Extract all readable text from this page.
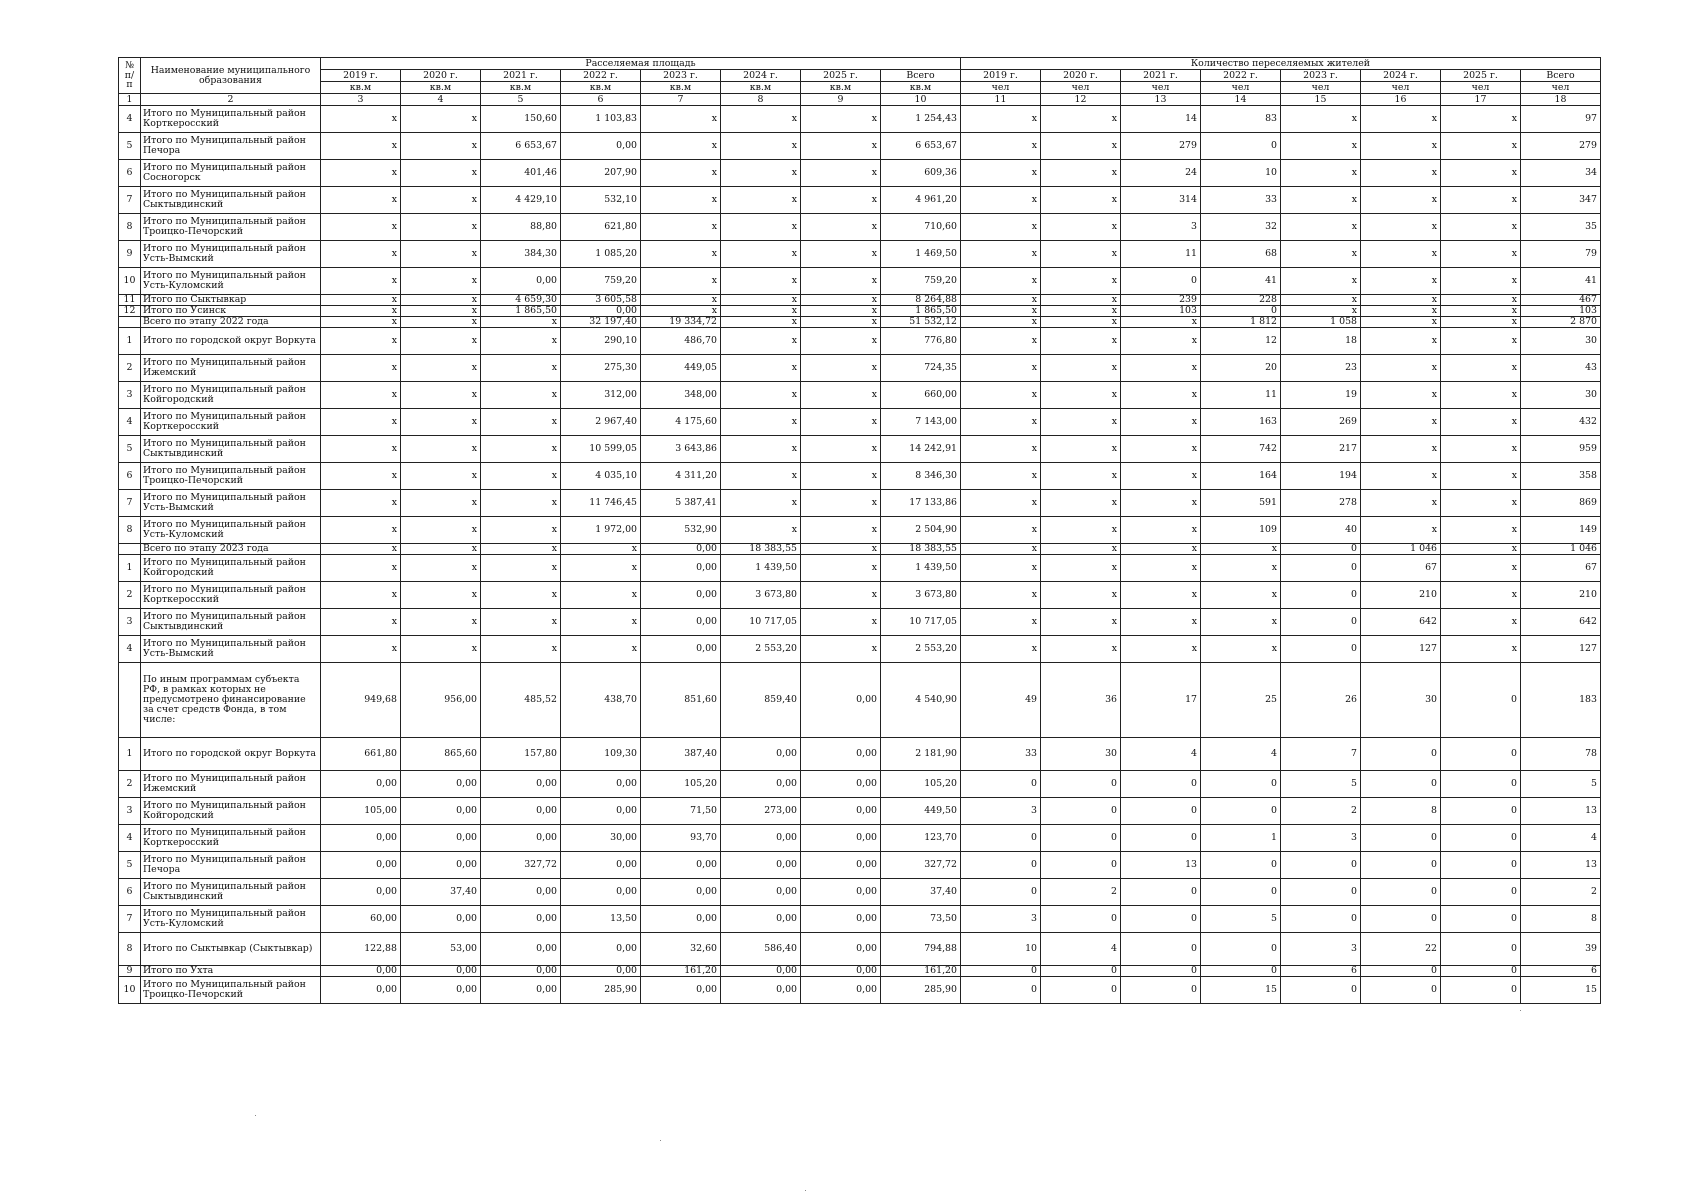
№ п/п	Наименование муниципального образования	Расселяемая площадь								Количество переселяемых жителей							
		2019 г.	2020 г.	2021 г.	2022 г.	2023 г.	2024 г.	2025 г.	Всего	2019 г.	2020 г.	2021 г.	2022 г.	2023 г.	2024 г.	2025 г.	Всего
		кв.м	кв.м	кв.м	кв.м	кв.м	кв.м	кв.м	кв.м	чел	чел	чел	чел	чел	чел	чел	чел
1	2	3	4	5	6	7	8	9	10	11	12	13	14	15	16	17	18
4	Итого по Муниципальный район Корткеросский	x	x	150,60	1 103,83	x	x	x	1 254,43	x	x	14	83	x	x	x	97
5	Итого по Муниципальный район Печора	x	x	6 653,67	0,00	x	x	x	6 653,67	x	x	279	0	x	x	x	279
6	Итого по Муниципальный район Сосногорск	x	x	401,46	207,90	x	x	x	609,36	x	x	24	10	x	x	x	34
7	Итого по Муниципальный район Сыктывдинский	x	x	4 429,10	532,10	x	x	x	4 961,20	x	x	314	33	x	x	x	347
8	Итого по Муниципальный район Троицко-Печорский	x	x	88,80	621,80	x	x	x	710,60	x	x	3	32	x	x	x	35
9	Итого по Муниципальный район Усть-Вымский	x	x	384,30	1 085,20	x	x	x	1 469,50	x	x	11	68	x	x	x	79
10	Итого по Муниципальный район Усть-Куломский	x	x	0,00	759,20	x	x	x	759,20	x	x	0	41	x	x	x	41
11	Итого по Сыктывкар	x	x	4 659,30	3 605,58	x	x	x	8 264,88	x	x	239	228	x	x	x	467
12	Итого по Усинск	x	x	1 865,50	0,00	x	x	x	1 865,50	x	x	103	0	x	x	x	103
	Всего по этапу 2022 года	x	x	x	32 197,40	19 334,72	x	x	51 532,12	x	x	x	1 812	1 058	x	x	2 870
1	Итого по городской округ Воркута	x	x	x	290,10	486,70	x	x	776,80	x	x	x	12	18	x	x	30
2	Итого по Муниципальный район Ижемский	x	x	x	275,30	449,05	x	x	724,35	x	x	x	20	23	x	x	43
3	Итого по Муниципальный район Койгородский	x	x	x	312,00	348,00	x	x	660,00	x	x	x	11	19	x	x	30
4	Итого по Муниципальный район Корткеросский	x	x	x	2 967,40	4 175,60	x	x	7 143,00	x	x	x	163	269	x	x	432
5	Итого по Муниципальный район Сыктывдинский	x	x	x	10 599,05	3 643,86	x	x	14 242,91	x	x	x	742	217	x	x	959
6	Итого по Муниципальный район Троицко-Печорский	x	x	x	4 035,10	4 311,20	x	x	8 346,30	x	x	x	164	194	x	x	358
7	Итого по Муниципальный район Усть-Вымский	x	x	x	11 746,45	5 387,41	x	x	17 133,86	x	x	x	591	278	x	x	869
8	Итого по Муниципальный район Усть-Куломский	x	x	x	1 972,00	532,90	x	x	2 504,90	x	x	x	109	40	x	x	149
	Всего по этапу 2023 года	x	x	x	x	0,00	18 383,55	x	18 383,55	x	x	x	x	0	1 046	x	1 046
1	Итого по Муниципальный район Койгородский	x	x	x	x	0,00	1 439,50	x	1 439,50	x	x	x	x	0	67	x	67
2	Итого по Муниципальный район Корткеросский	x	x	x	x	0,00	3 673,80	x	3 673,80	x	x	x	x	0	210	x	210
3	Итого по Муниципальный район Сыктывдинский	x	x	x	x	0,00	10 717,05	x	10 717,05	x	x	x	x	0	642	x	642
4	Итого по Муниципальный район Усть-Вымский	x	x	x	x	0,00	2 553,20	x	2 553,20	x	x	x	x	0	127	x	127
	По иным программам субъекта РФ, в рамках которых не предусмотрено финансирование за счет средств Фонда, в том числе:	949,68	956,00	485,52	438,70	851,60	859,40	0,00	4 540,90	49	36	17	25	26	30	0	183
1	Итого по городской округ Воркута	661,80	865,60	157,80	109,30	387,40	0,00	0,00	2 181,90	33	30	4	4	7	0	0	78
2	Итого по Муниципальный район Ижемский	0,00	0,00	0,00	0,00	105,20	0,00	0,00	105,20	0	0	0	0	5	0	0	5
3	Итого по Муниципальный район Койгородский	105,00	0,00	0,00	0,00	71,50	273,00	0,00	449,50	3	0	0	0	2	8	0	13
4	Итого по Муниципальный район Корткеросский	0,00	0,00	0,00	30,00	93,70	0,00	0,00	123,70	0	0	0	1	3	0	0	4
5	Итого по Муниципальный район Печора	0,00	0,00	327,72	0,00	0,00	0,00	0,00	327,72	0	0	13	0	0	0	0	13
6	Итого по Муниципальный район Сыктывдинский	0,00	37,40	0,00	0,00	0,00	0,00	0,00	37,40	0	2	0	0	0	0	0	2
7	Итого по Муниципальный район Усть-Куломский	60,00	0,00	0,00	13,50	0,00	0,00	0,00	73,50	3	0	0	5	0	0	0	8
8	Итого по Сыктывкар (Сыктывкар)	122,88	53,00	0,00	0,00	32,60	586,40	0,00	794,88	10	4	0	0	3	22	0	39
9	Итого по Ухта	0,00	0,00	0,00	0,00	161,20	0,00	0,00	161,20	0	0	0	0	6	0	0	6
10	Итого по Муниципальный район Троицко-Печорский	0,00	0,00	0,00	285,90	0,00	0,00	0,00	285,90	0	0	0	15	0	0	0	15
